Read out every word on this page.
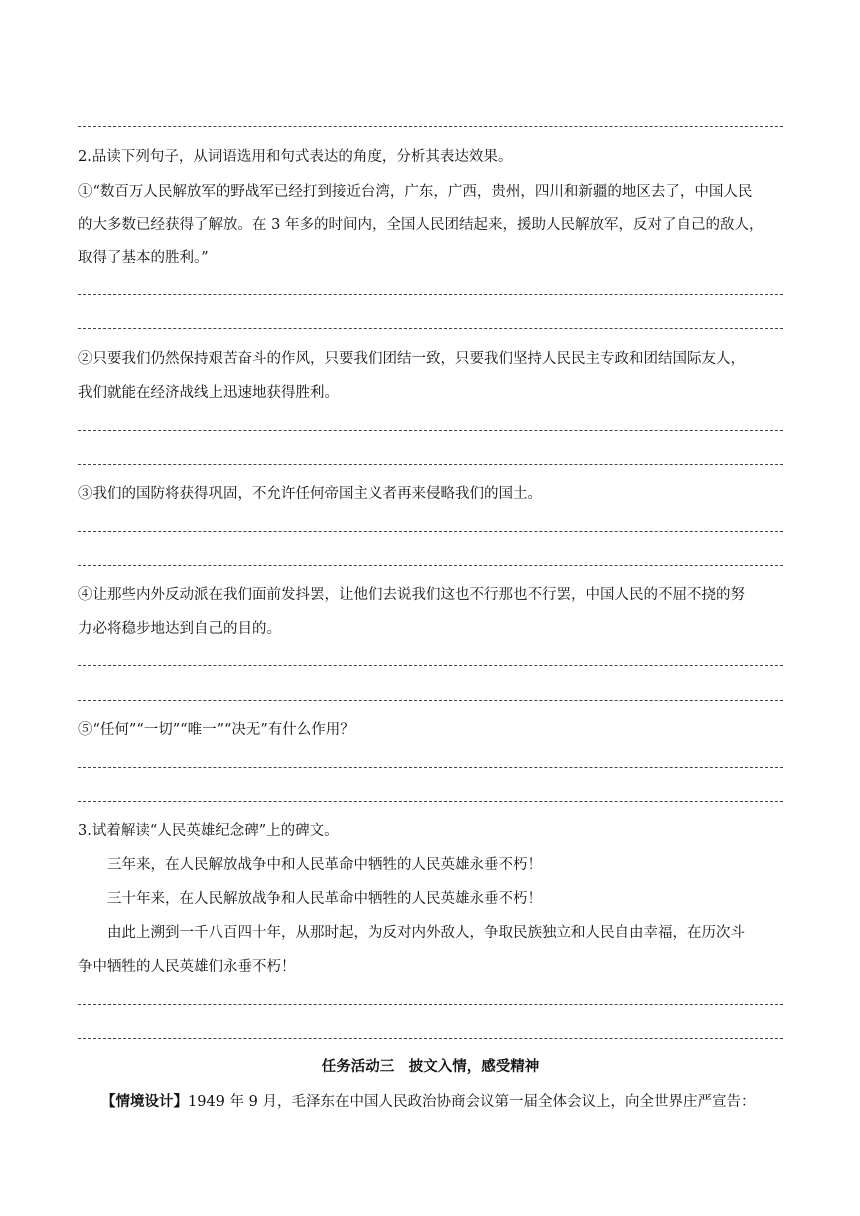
2.品读下列句子，从词语选用和句式表达的角度，分析其表达效果。
①“数百万人民解放军的野战军已经打到接近台湾，广东，广西，贵州，四川和新疆的地区去了，中国人民
的大多数已经获得了解放。在 3 年多的时间内，全国人民团结起来，援助人民解放军，反对了自己的敌人，
取得了基本的胜利。”
②只要我们仍然保持艰苦奋斗的作风，只要我们团结一致，只要我们坚持人民民主专政和团结国际友人，
我们就能在经济战线上迅速地获得胜利。
③我们的国防将获得巩固，不允许任何帝国主义者再来侵略我们的国土。
④让那些内外反动派在我们面前发抖罢，让他们去说我们这也不行那也不行罢，中国人民的不屈不挠的努
力必将稳步地达到自己的目的。
⑤“任何”“一切”“唯一”“决无”有什么作用？
3.试着解读“人民英雄纪念碑”上的碑文。
三年来，在人民解放战争中和人民革命中牺牲的人民英雄永垂不朽！
三十年来，在人民解放战争和人民革命中牺牲的人民英雄永垂不朽！
由此上溯到一千八百四十年，从那时起，为反对内外敌人，争取民族独立和人民自由幸福，在历次斗
争中牺牲的人民英雄们永垂不朽！
任务活动三　披文入情，感受精神
【情境设计】1949 年 9 月，毛泽东在中国人民政治协商会议第一届全体会议上，向全世界庄严宣告：
